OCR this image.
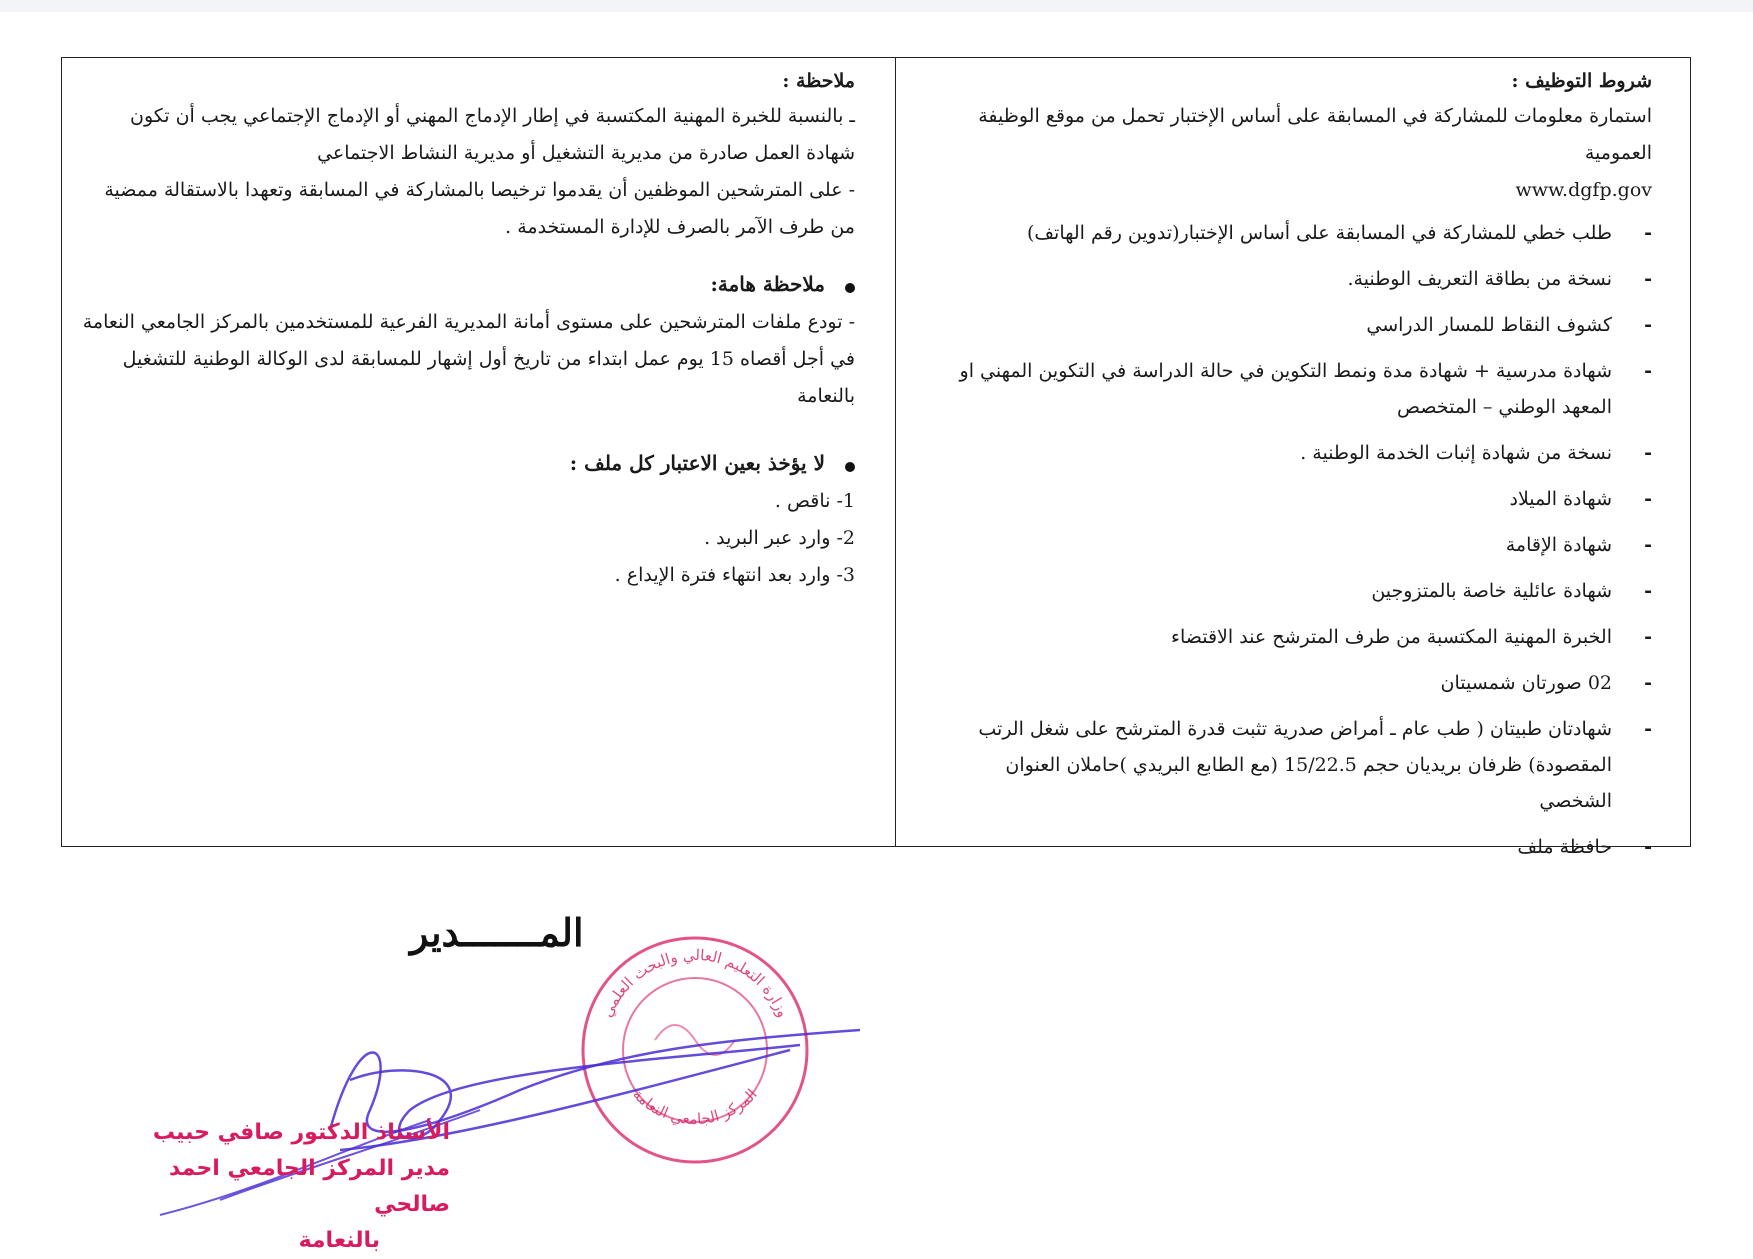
شروط التوظيف :

استمارة معلومات للمشاركة في المسابقة على أساس الإختبار تحمل من موقع الوظيفة العمومية
www.dgfp.gov

-
طلب خطي للمشاركة في المسابقة على أساس الإختبار(تدوين رقم الهاتف)
-
نسخة من بطاقة التعريف الوطنية.
-
كشوف النقاط للمسار الدراسي
-
شهادة مدرسية + شهادة مدة ونمط التكوين في حالة الدراسة في التكوين المهني او المعهد الوطني – المتخصص
-
نسخة من شهادة إثبات الخدمة الوطنية .
-
شهادة الميلاد
-
شهادة الإقامة
-
شهادة عائلية خاصة بالمتزوجين
-
الخبرة المهنية المكتسبة من طرف المترشح عند الاقتضاء
-
02 صورتان شمسيتان
-
شهادتان طبيتان ( طب عام ـ أمراض صدرية تثبت قدرة المترشح على شغل الرتب المقصودة) ظرفان بريديان حجم 15/22.5 (مع الطابع البريدي )حاملان العنوان الشخصي
-
حافظة ملف
ملاحظة :

ـ بالنسبة للخبرة المهنية المكتسبة في إطار الإدماج المهني أو الإدماج الإجتماعي يجب أن تكون شهادة العمل صادرة من مديرية التشغيل أو مديرية النشاط الاجتماعي

- على المترشحين الموظفين أن يقدموا ترخيصا بالمشاركة في المسابقة وتعهدا بالاستقالة ممضية من طرف الآمر بالصرف للإدارة المستخدمة .

ملاحظة هامة:

- تودع ملفات المترشحين على مستوى أمانة المديرية الفرعية للمستخدمين بالمركز الجامعي النعامة في أجل أقصاه 15 يوم عمل ابتداء من تاريخ أول إشهار للمسابقة لدى الوكالة الوطنية للتشغيل بالنعامة

لا يؤخذ بعين الاعتبار كل ملف :
1- ناقص .
2- وارد عبر البريد .
3- وارد بعد انتهاء فترة الإيداع .
المـــــــدير
وزارة التعليم العالي والبحث العلمي
المركز الجامعي النعامة
الأستاذ الدكتور صافي حبيب
مدير المركز الجامعي احمد صالحي
بالنعامة
